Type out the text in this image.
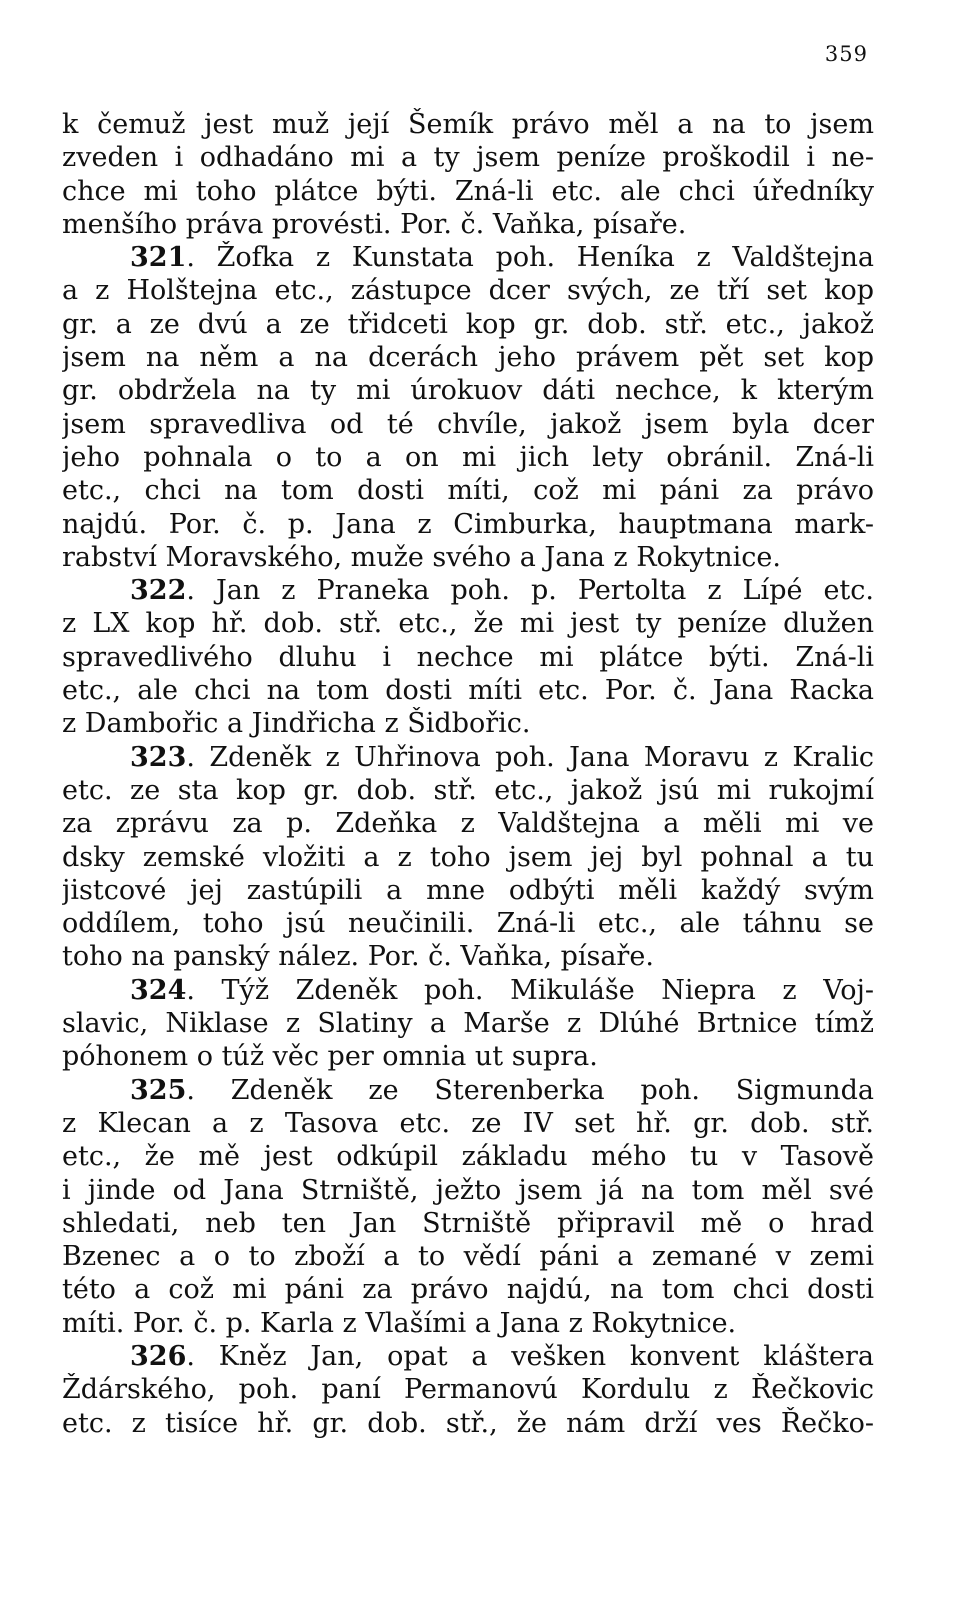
359
k čemuž jest muž její Šemík právo měl a na to jsem
zveden i odhadáno mi a ty jsem peníze proškodil i ne-
chce mi toho plátce býti. Zná-li etc. ale chci úředníky
menšího práva provésti. Por. č. Vaňka, písaře.
321. Žofka z Kunstata poh. Heníka z Valdštejna
a z Holštejna etc., zástupce dcer svých, ze tří set kop
gr. a ze dvú a ze třidceti kop gr. dob. stř. etc., jakož
jsem na něm a na dcerách jeho právem pět set kop
gr. obdržela na ty mi úrokuov dáti nechce, k kterým
jsem spravedliva od té chvíle, jakož jsem byla dcer
jeho pohnala o to a on mi jich lety obránil. Zná-li
etc., chci na tom dosti míti, což mi páni za právo
najdú. Por. č. p. Jana z Cimburka, hauptmana mark-
rabství Moravského, muže svého a Jana z Rokytnice.
322. Jan z Praneka poh. p. Pertolta z Lípé etc.
z LX kop hř. dob. stř. etc., že mi jest ty peníze dlužen
spravedlivého dluhu i nechce mi plátce býti. Zná-li
etc., ale chci na tom dosti míti etc. Por. č. Jana Racka
z Dambořic a Jindřicha z Šidbořic.
323. Zdeněk z Uhřinova poh. Jana Moravu z Kralic
etc. ze sta kop gr. dob. stř. etc., jakož jsú mi rukojmí
za zprávu za p. Zdeňka z Valdštejna a měli mi ve
dsky zemské vložiti a z toho jsem jej byl pohnal a tu
jistcové jej zastúpili a mne odbýti měli každý svým
oddílem, toho jsú neučinili. Zná-li etc., ale táhnu se
toho na panský nález. Por. č. Vaňka, písaře.
324. Týž Zdeněk poh. Mikuláše Niepra z Voj-
slavic, Niklase z Slatiny a Marše z Dlúhé Brtnice tímž
póhonem o túž věc per omnia ut supra.
325. Zdeněk ze Sterenberka poh. Sigmunda
z Klecan a z Tasova etc. ze IV set hř. gr. dob. stř.
etc., že mě jest odkúpil základu mého tu v Tasově
i jinde od Jana Strniště, ježto jsem já na tom měl své
shledati, neb ten Jan Strniště připravil mě o hrad
Bzenec a o to zboží a to vědí páni a zemané v zemi
této a což mi páni za právo najdú, na tom chci dosti
míti. Por. č. p. Karla z Vlašími a Jana z Rokytnice.
326. Kněz Jan, opat a vešken konvent kláštera
Ždárského, poh. paní Permanovú Kordulu z Řečkovic
etc. z tisíce hř. gr. dob. stř., že nám drží ves Řečko-
